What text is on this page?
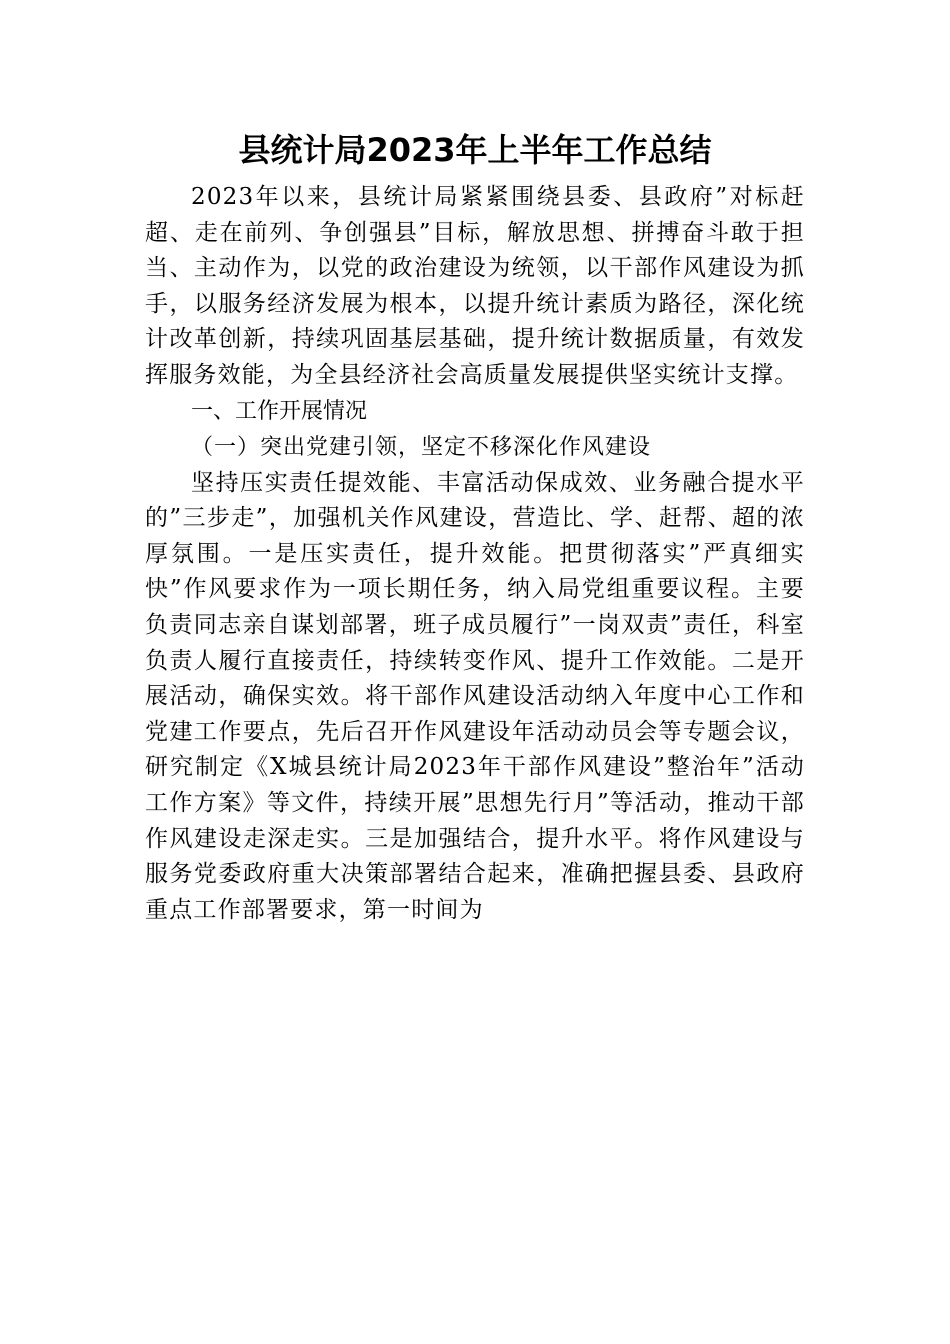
县统计局2023年上半年工作总结

2023年以来，县统计局紧紧围绕县委、县政府”对标赶超、走在前列、争创强县”目标，解放思想、拼搏奋斗敢于担当、主动作为，以党的政治建设为统领，以干部作风建设为抓手，以服务经济发展为根本，以提升统计素质为路径，深化统计改革创新，持续巩固基层基础，提升统计数据质量，有效发挥服务效能，为全县经济社会高质量发展提供坚实统计支撑。

一、工作开展情况

（一）突出党建引领，坚定不移深化作风建设

坚持压实责任提效能、丰富活动保成效、业务融合提水平的”三步走”，加强机关作风建设，营造比、学、赶帮、超的浓厚氛围。一是压实责任，提升效能。把贯彻落实”严真细实快”作风要求作为一项长期任务，纳入局党组重要议程。主要负责同志亲自谋划部署，班子成员履行”一岗双责”责任，科室负责人履行直接责任，持续转变作风、提升工作效能。二是开展活动，确保实效。将干部作风建设活动纳入年度中心工作和党建工作要点，先后召开作风建设年活动动员会等专题会议，研究制定《X城县统计局2023年干部作风建设”整治年”活动工作方案》等文件，持续开展”思想先行月”等活动，推动干部作风建设走深走实。三是加强结合，提升水平。将作风建设与服务党委政府重大决策部署结合起来，准确把握县委、县政府重点工作部署要求，第一时间为
